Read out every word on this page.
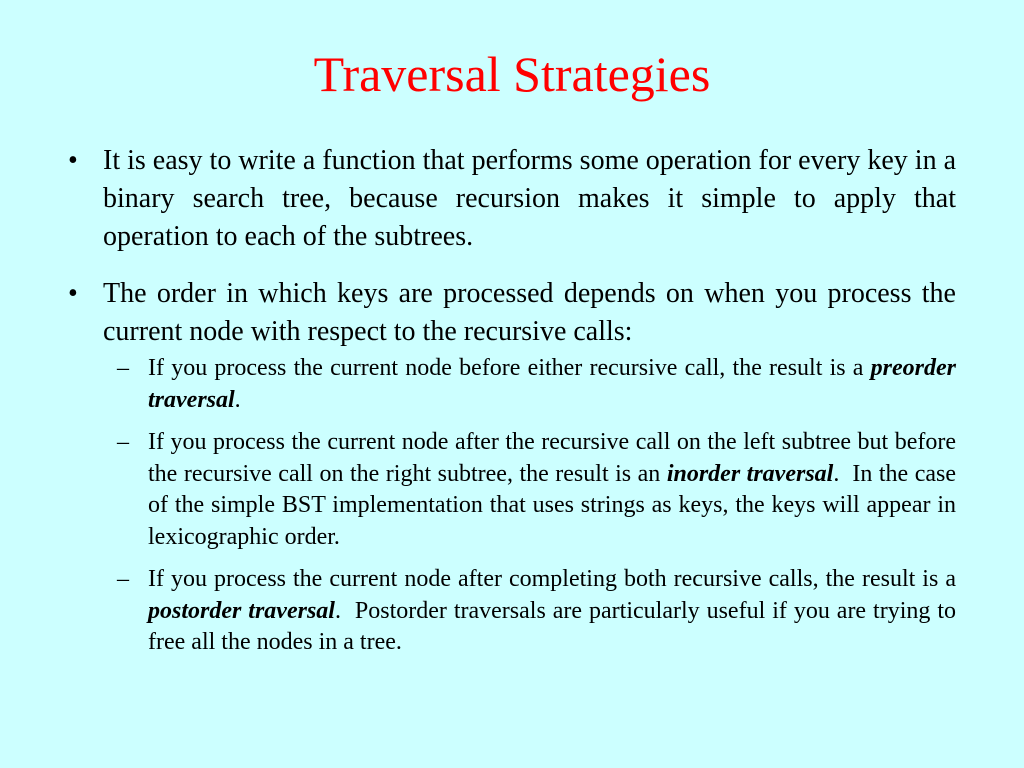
Traversal Strategies
• It is easy to write a function that performs some operation for every key in a binary search tree, because recursion makes it simple to apply that operation to each of the subtrees.
• The order in which keys are processed depends on when you process the current node with respect to the recursive calls:
– If you process the current node before either recursive call, the result is a preorder traversal.
– If you process the current node after the recursive call on the left subtree but before the recursive call on the right subtree, the result is an inorder traversal.  In the case of the simple BST implementation that uses strings as keys, the keys will appear in lexicographic order.
– If you process the current node after completing both recursive calls, the result is a postorder traversal.  Postorder traversals are particularly useful if you are trying to free all the nodes in a tree.
